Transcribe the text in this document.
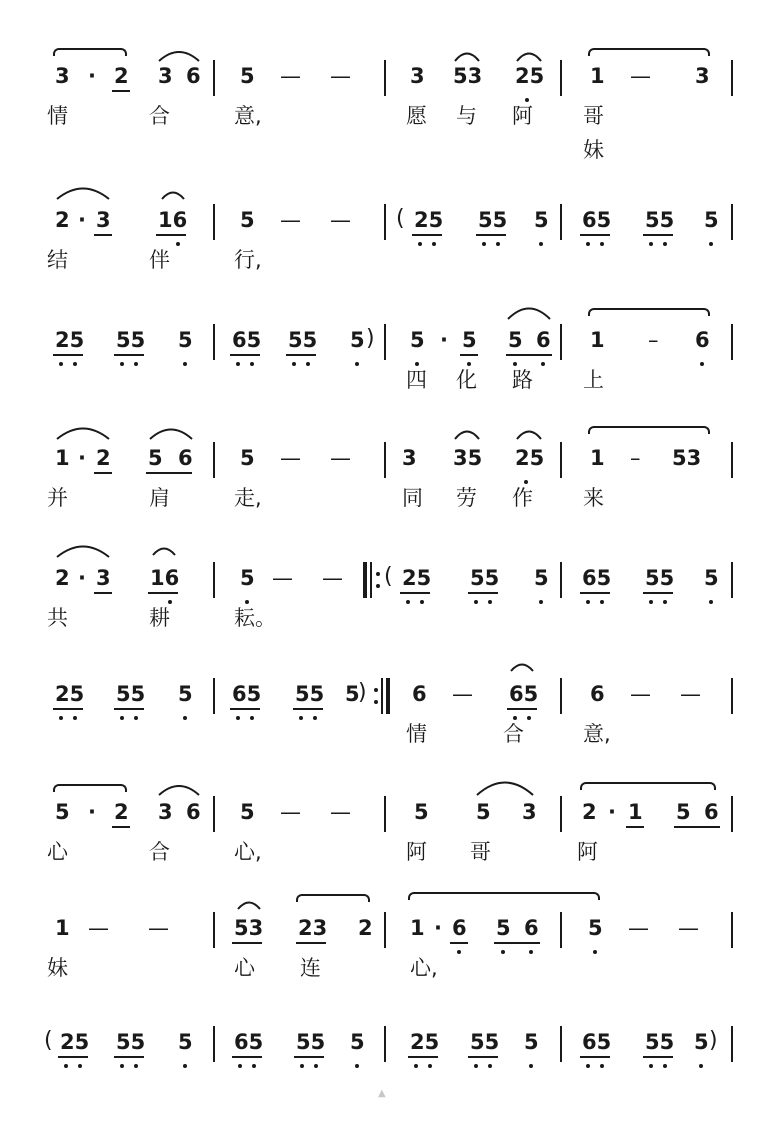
3 · 2 3 6 5 — —	3 53 25 1 — 3
情	合	意,	愿 与 阿 哥
妹
2 · 3 16	5 — — ( 25 55 5 65 55 5
结	伴	行,
25 55 5 65 55 5 ) 5 · 5 5 6 1 – 6
四 化 路 上
1 · 2 5 6 5 — — 3 35 25 1 – 53
并	肩	走,	同 劳 作 来
2 · 3 16	5 — — ( 25 55 5 65 55 5
共	耕	耘。
25 55 5 65 55 5
) 6 — 65 6 — —
情	合	意,
5 · 2 3 6 5 — —	5 5 3 2 · 1 5 6
心	合	心,	阿 哥	阿
1 — —	53 23 2 1 · 6 5 6 5 — —
妹	心 连	心,
( 25 55 5 65 55 5 25 55 5 65 55 5 )
▲
